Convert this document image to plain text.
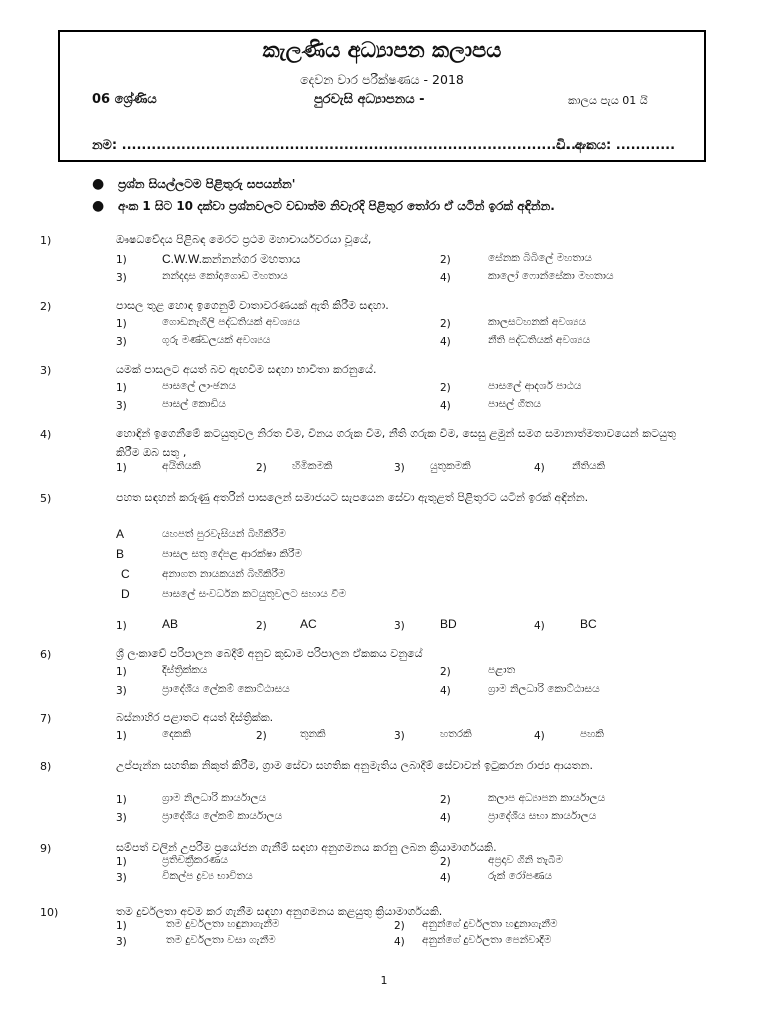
කැලණිය අධ්‍යාපන කලාපය
දෙවන වාර පරීක්ෂණය - 2018
06 ශ්‍රේණිය	පුරවැසි අධ්‍යාපනය -	කාලය පැය 01 යි
නම: ...............................................................................................
වි. අංකය: ............
●	ප්‍රශ්න සියල්ලටම පිළිතුරු සපයන්න'
●	අංක 1 සිට 10 දක්වා ප්‍රශ්නවලට වඩාත්ම නිවැරදි පිළිතුර තෝරා ඒ යටින් ඉරක් අඳින්න.
1)	ඖෂධවේදය පිළිබඳ මෙරට ප්‍රථම මහාචාර්යවරයා වූයේ,
1)	C.W.W.කන්නන්ගර මහතාය	2)	සේනක බිබිලේ මහතාය
3)	නන්දදාස කෝදාගොඩ මහතාය	4)	කාලෝ ෆොන්සේකා මහතාය
2)	පාසල තුළ හොඳ ඉගෙනුම් වාතාවරණයක් ඇති කිරීම සඳහා.
1)	ගොඩනැගිලි පද්ධතියක් අවශ්‍යය	2)	කාලසටහනක් අවශ්‍යය
3)	ගුරු මණ්ඩලයක් අවශ්‍යය	4)	නීති පද්ධතියක් අවශ්‍යය
3)	යමක් පාසලට අයත් බව ඇඟවීම සඳහා භාවිතා කරනුයේ.
1)	පාසලේ ලාංඡනය	2)	පාසලේ ආදර්ශ පාඨය
3)	පාසල් කොඩිය	4)	පාසල් ගීතය
4)	හොඳින් ඉගෙනීමේ කටයුතුවල නිරත වීම, විනය ගරුක වීම, නීති ගරුක වීම, සෙසු ළමුන් සමග සමානාත්මතාවයෙන් කටයුතු කිරීම ඔබ සතු ,
1)	අයිතියකි	2) හිමිකමකි	3) යුතුකමකි	4)	නීතියකි
5)	පහත සඳහන් කරුණු අතරින් පාසලෙන් සමාජයට සැපයෙන සේවා ඇතුළත් පිළිතුරට යටින් ඉරක් අඳින්න.
A	යහපත් පුරවැසියන් බිහිකිරීම
B	පාසල සතු දේපළ ආරක්ෂා කිරීම
C	අනාගත නායකයන් බිහිකිරීම
D	පාසලේ සංවර්ධන කටයුතුවලට සහාය වීම
1)	AB	2)	AC	3)	BD	4)	BC
6)	ශ්‍රී ලංකාවේ පරිපාලන බෙදීම් අනුව කුඩාම පරිපාලන ඒකකය වනුයේ
1)	දිස්ත්‍රික්කය	2)	පළාත
3)	ප්‍රාදේශීය ලේකම් කොට්ඨාසය	4)	ග්‍රාම නිලධාරි කොට්ඨාසය
7)	බස්නාහිර පළාතට අයත් දිස්ත්‍රික්ක.
1)	දෙකකි	2)	තුනකි	3)	හතරකි	4)	පහකි
8)	උප්පැන්න සහතික නිකුත් කිරීම, ග්‍රාම සේවා සහතික අනුමැතිය ලබාදීම් සේවාවන් ඉටුකරන රාජ්‍ය ආයතන.
1)	ග්‍රාම නිලධාරි කාර්යාලය	2)	කලාප අධ්‍යාපන කාර්යාලය
3)	ප්‍රාදේශීය ලේකම් කාර්යාලය	4)	ප්‍රාදේශීය සභා කාර්යාලය
9)	සම්පත් වලින් උපරිම ප්‍රයෝජන ගැනීම් සඳහා අනුගමනය කරනු ලබන ක්‍රියාමාර්ගයකි.
1)	ප්‍රතිචක්‍රීකරණය	2)	අප්‍රදාව ගිනි තැබීම
3)	විකල්ප ද්‍රව්‍ය භාවිතය	4)	රුක් රෝපණය
10)	තම දුර්වලතා අවම කර ගැනීම සඳහා අනුගමනය කළයුතු ක්‍රියාමාර්ගයකි.
1)	තම දුර්වලතා හඳුනාගැනීම	2) අනුන්ගේ දුර්වලතා හඳුනාගැනීම
3)	තම දුර්වලතා වසා ගැනීම	4) අනුන්ගේ දුර්වලතා පෙන්වාදීම
1
